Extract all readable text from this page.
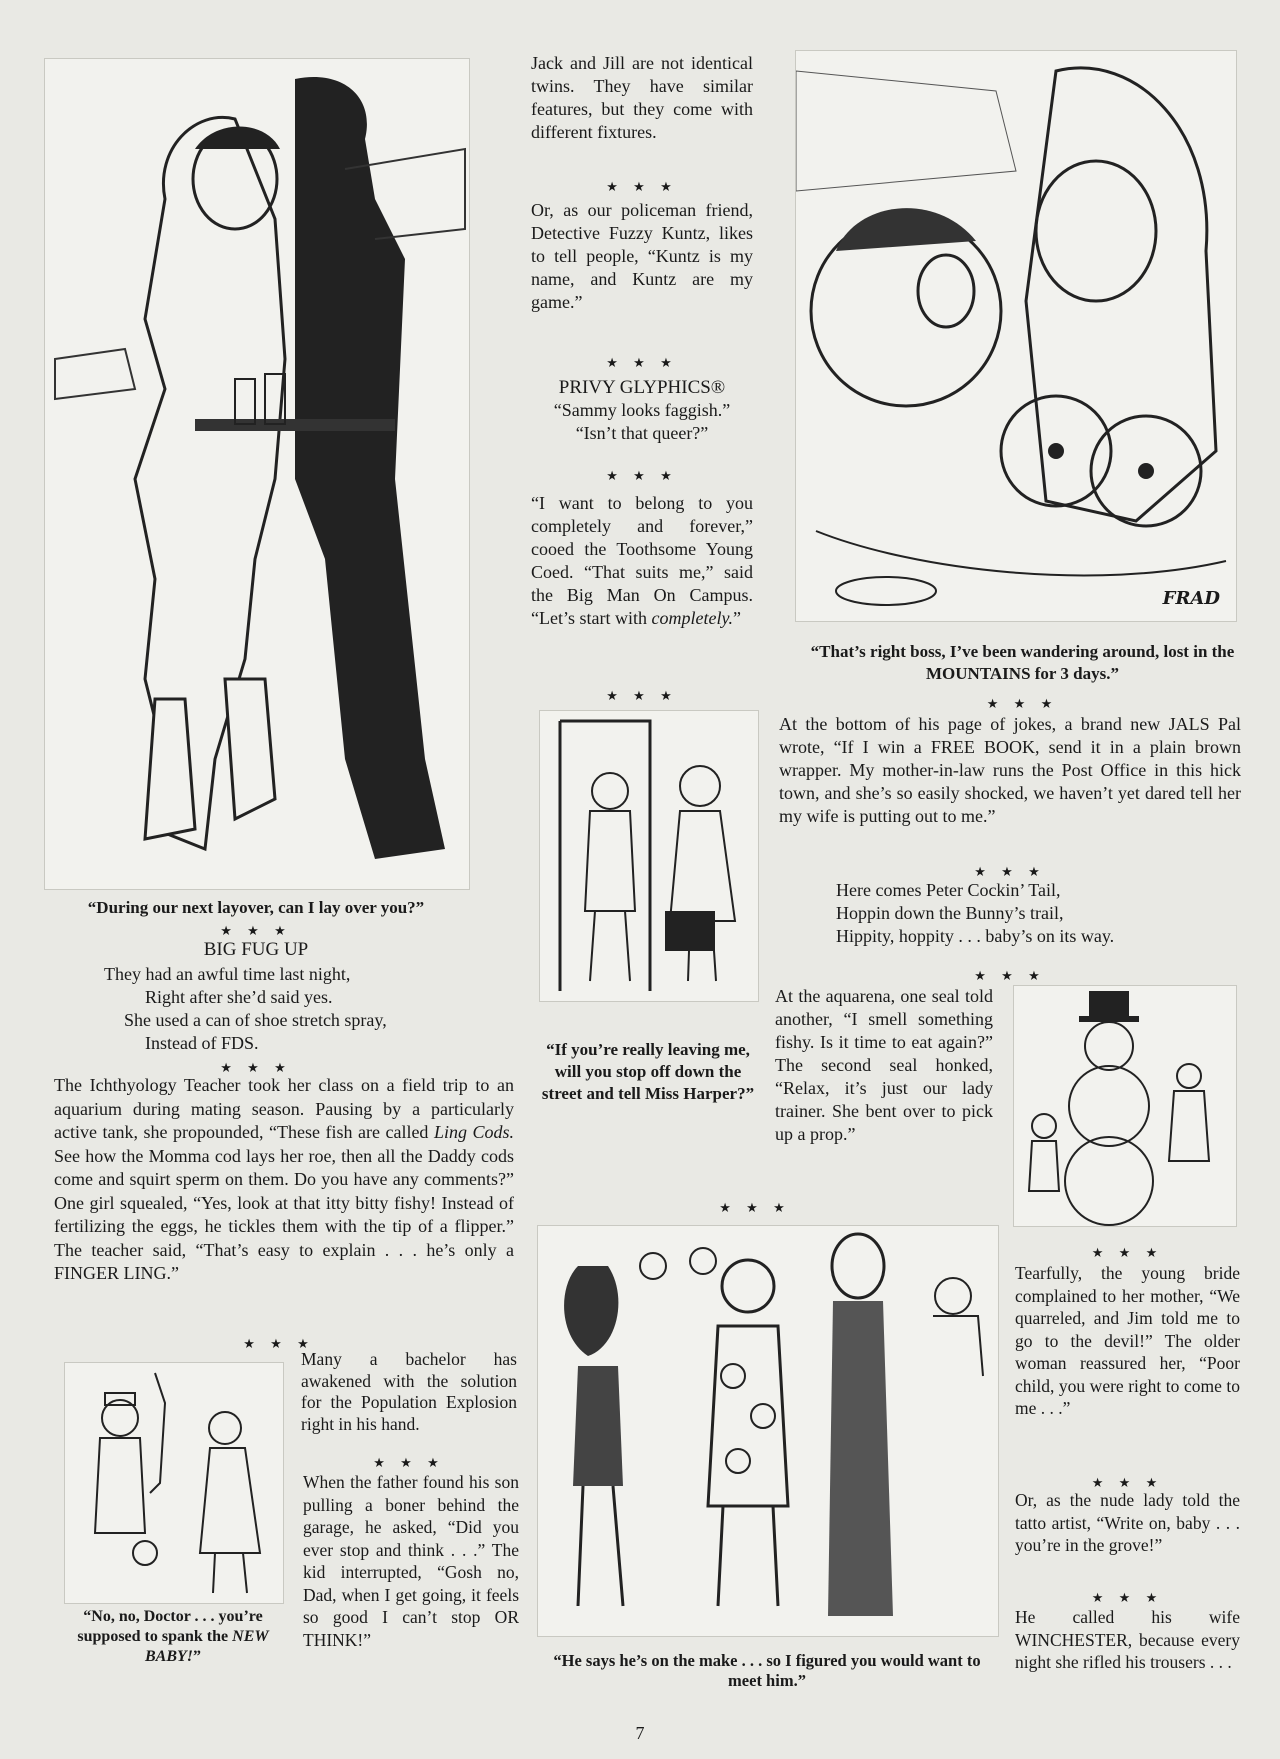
“During our next layover, can I lay over you?”
★ ★ ★
BIG FUG UP

They had an awful time last night,

Right after she’d said yes.

She used a can of shoe stretch spray,

Instead of FDS.

★ ★ ★
The Ichthyology Teacher took her class on a field trip to an aquarium during mating season. Pausing by a particularly active tank, she propounded, “These fish are called Ling Cods. See how the Momma cod lays her roe, then all the Daddy cods come and squirt sperm on them. Do you have any comments?” One girl squealed, “Yes, look at that itty bitty fishy! Instead of fertilizing the eggs, he tickles them with the tip of a flipper.” The teacher said, “That’s easy to explain . . . he’s only a FINGER LING.”
★ ★ ★
“No, no, Doctor . . . you’re supposed to spank the NEW BABY!”
Many a bachelor has awakened with the solution for the Population Explosion right in his hand.
★ ★ ★
When the father found his son pulling a boner behind the garage, he asked, “Did you ever stop and think . . .” The kid interrupted, “Gosh no, Dad, when I get going, it feels so good I can’t stop OR THINK!”
Jack and Jill are not identical twins. They have similar features, but they come with different fixtures.
★ ★ ★
Or, as our policeman friend, Detective Fuzzy Kuntz, likes to tell people, “Kuntz is my name, and Kuntz are my game.”
★ ★ ★
PRIVY GLYPHICS®
“Sammy looks faggish.”
“Isn’t that queer?”
★ ★ ★
“I want to belong to you completely and forever,” cooed the Toothsome Young Coed. “That suits me,” said the Big Man On Campus. “Let’s start with completely.”
★ ★ ★
“If you’re really leaving me, will you stop off down the street and tell Miss Harper?”
FRAD
“That’s right boss, I’ve been wandering around, lost in the MOUNTAINS for 3 days.”
★ ★ ★
At the bottom of his page of jokes, a brand new JALS Pal wrote, “If I win a FREE BOOK, send it in a plain brown wrapper. My mother-in-law runs the Post Office in this hick town, and she’s so easily shocked, we haven’t yet dared tell her my wife is putting out to me.”
★ ★ ★
Here comes Peter Cockin’ Tail,
Hoppin down the Bunny’s trail,
Hippity, hoppity . . . baby’s on its way.
★ ★ ★
At the aquarena, one seal told another, “I smell something fishy. Is it time to eat again?” The second seal honked, “Relax, it’s just our lady trainer. She bent over to pick up a prop.”
★ ★ ★
“He says he’s on the make . . . so I figured you would want to meet him.”
★ ★ ★
Tearfully, the young bride complained to her mother, “We quarreled, and Jim told me to go to the devil!” The older woman reassured her, “Poor child, you were right to come to me . . .”
★ ★ ★
Or, as the nude lady told the tatto artist, “Write on, baby . . . you’re in the grove!”
★ ★ ★
He called his wife WINCHESTER, because every night she rifled his trousers . . .
7
